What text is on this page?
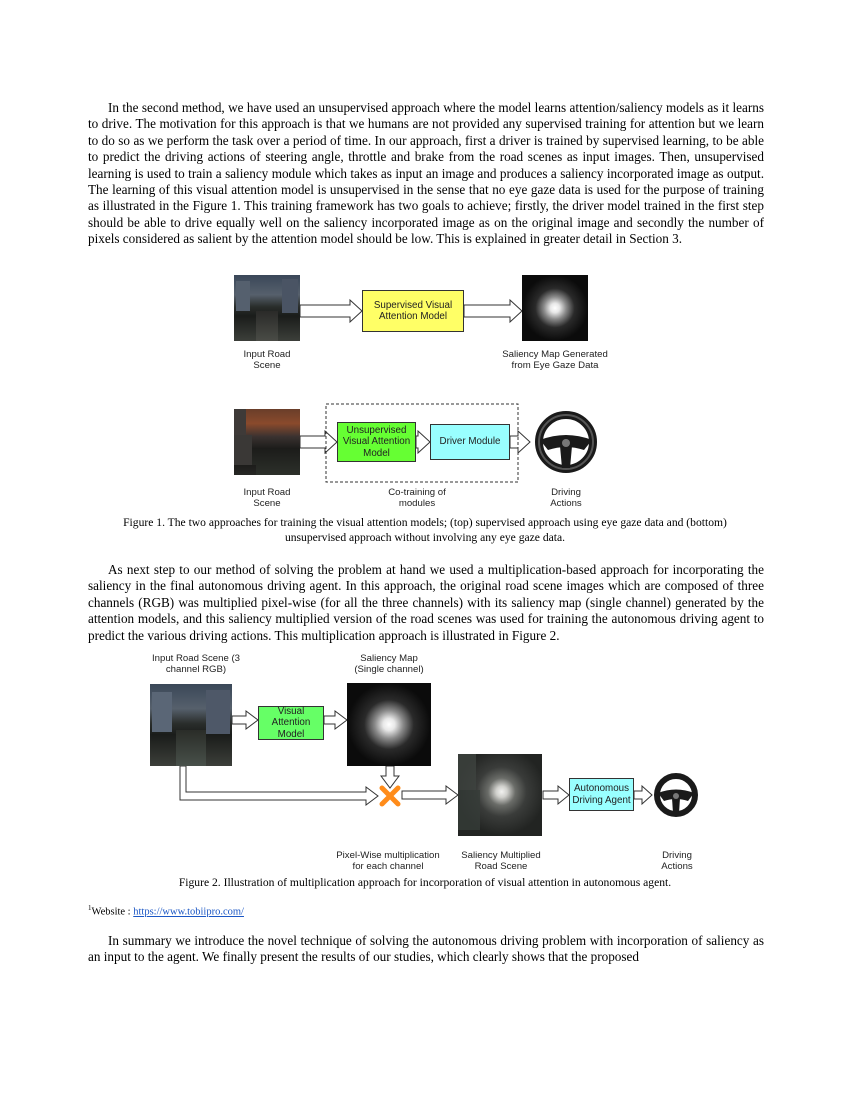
In the second method, we have used an unsupervised approach where the model learns attention/saliency models as it learns to drive. The motivation for this approach is that we humans are not provided any supervised training for attention but we learn to do so as we perform the task over a period of time. In our approach, first a driver is trained by supervised learning, to be able to predict the driving actions of steering angle, throttle and brake from the road scenes as input images. Then, unsupervised learning is used to train a saliency module which takes as input an image and produces a saliency incorporated image as output. The learning of this visual attention model is unsupervised in the sense that no eye gaze data is used for the purpose of training as illustrated in the Figure 1. This training framework has two goals to achieve; firstly, the driver model trained in the first step should be able to drive equally well on the saliency incorporated image as on the original image and secondly the number of pixels considered as salient by the attention model should be low. This is explained in greater detail in Section 3.

Supervised Visual Attention Model
Input Road Scene
Saliency Map Generated from Eye Gaze Data
Unsupervised Visual Attention Model
Driver Module
Input Road Scene
Co-training of modules
Driving Actions

Figure 1. The two approaches for training the visual attention models; (top) supervised approach using eye gaze data and (bottom) unsupervised approach without involving any eye gaze data.

As next step to our method of solving the problem at hand we used a multiplication-based approach for incorporating the saliency in the final autonomous driving agent. In this approach, the original road scene images which are composed of three channels (RGB) was multiplied pixel-wise (for all the three channels) with its saliency map (single channel) generated by the attention models, and this saliency multiplied version of the road scenes was used for training the autonomous driving agent to predict the various driving actions. This multiplication approach is illustrated in Figure 2.

Input Road Scene (3 channel RGB)
Saliency Map (Single channel)
Visual Attention Model
Autonomous Driving Agent
Pixel-Wise multiplication for each channel
Saliency Multiplied Road Scene
Driving Actions

Figure 2. Illustration of multiplication approach for incorporation of visual attention in autonomous agent.

$^1$Website : https://www.tobiipro.com/

In summary we introduce the novel technique of solving the autonomous driving problem with incorporation of saliency as an input to the agent. We finally present the results of our studies, which clearly shows that the proposed
